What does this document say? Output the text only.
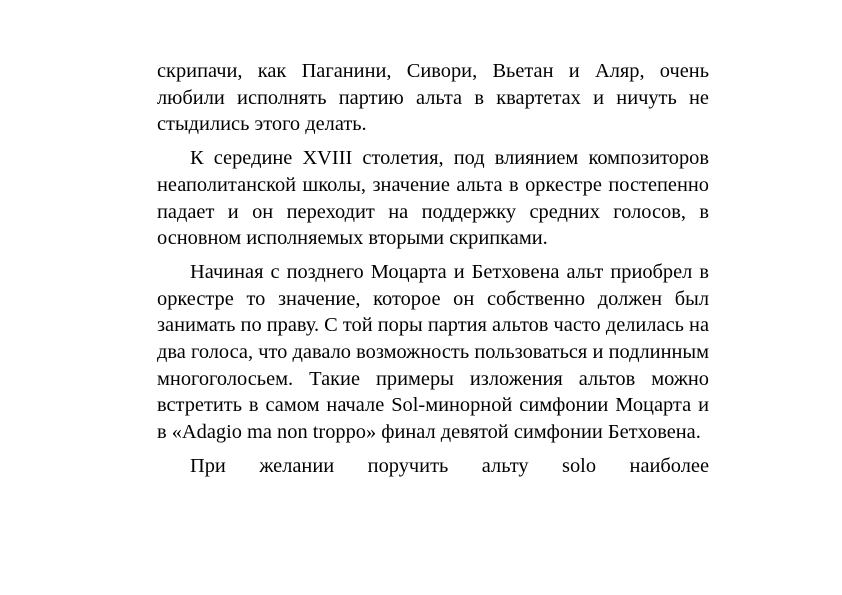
скрипачи, как Паганини, Сивори, Вьетан и Аляр, очень любили исполнять партию альта в квартетах и ничуть не стыдились этого делать.

К середине XVIII столетия, под влиянием композиторов неаполитанской школы, значение альта в оркестре постепенно падает и он переходит на поддержку средних голосов, в основном исполняемых вторыми скрипками.

Начиная с позднего Моцарта и Бетховена альт приобрел в оркестре то значение, которое он собственно должен был занимать по праву. С той поры партия альтов часто делилась на два голоса, что давало возможность пользоваться и подлинным многоголосьем. Такие примеры изложения альтов можно встретить в самом начале Sol-минорной симфонии Моцарта и в «Adagio ma non troppo» финал девятой симфонии Бетховена.

При желании поручить альту solo наиболее
